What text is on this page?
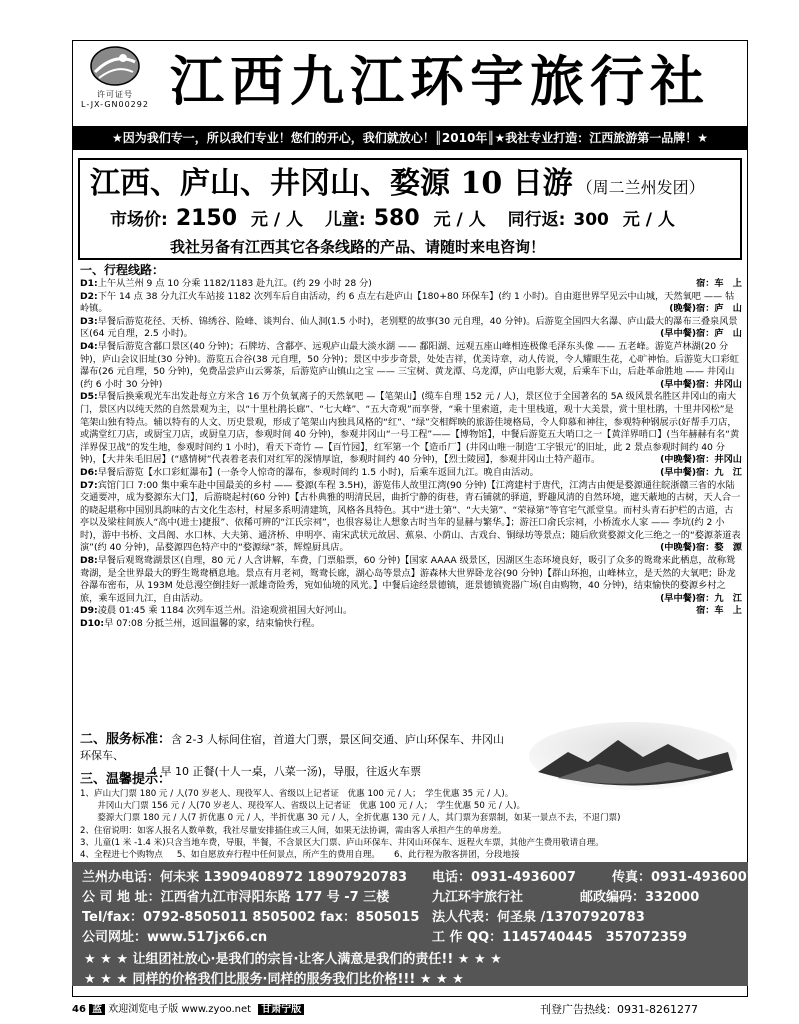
许可证号
L-JX-GN00292 江西九江环宇旅行社
★因为我们专一，所以我们专业！您们的开心，我们就放心！║2010年║★我社专业打造：江西旅游第一品牌！★
江西、庐山、井冈山、婺源 10 日游 （周二兰州发团）
市场价: 2150 元 / 人 儿童: 580 元 / 人 同行返: 300 元 / 人
我社另备有江西其它各条线路的产品、请随时来电咨询！
一、行程线路：

D1:上午从兰州 9 点 10 分乘 1182/1183 赴九江。(约 29 小时 28 分)	宿：车　上

D2:下午 14 点 38 分九江火车站接 1182 次列车后自由活动，约 6 点左右赴庐山【180+80 环保车】(约 1 小时)。自由逛世界罕见云中山城，天然氧吧 —— 牯岭镇。	(晚餐)宿：庐　山

D3:早餐后游览花径、天桥、锦绣谷、险峰、谈判台、仙人洞(1.5 小时)，老别墅的故事(30 元自理，40 分钟)。后游览全国四大名瀑、庐山最大的瀑布三叠泉风景区(64 元自理，2.5 小时)。	(早中餐)宿：庐　山

D4:早餐后游览含鄱口景区(40 分钟)；石牌坊、含鄱亭、远观庐山最大淡水湖 —— 鄱阳湖、远观五座山峰相连极像毛泽东头像 —— 五老峰。游览芦林湖(20 分钟)，庐山会议旧址(30 分钟)。游览五合谷(38 元自理，50 分钟)；景区中步步奇景，处处吉祥，优美诗章，动人传说，令人耀眼生花，心旷神怡。后游览大口彩虹瀑布(26 元自理，50 分钟)，免费品尝庐山云雾茶，后游览庐山镇山之宝 —— 三宝树、黄龙潭、乌龙潭，庐山电影大观，后乘车下山，后赴革命胜地 —— 井冈山(约 6 小时 30 分钟)	(早中餐)宿：井冈山

D5:早餐后换乘观光车出发赴每立方米含 16 万个负氧离子的天然氧吧 —【笔架山】(缆车自理 152 元 / 人)，景区位于全国著名的 5A 级风景名胜区井冈山的南大门，景区内以纯天然的自然景观为主，以“十里杜鹃长廊”、“七大峰”、“五大奇观”而享誉，“乘十里索道，走十里栈道，观十大美景，赏十里杜鹃，十里井冈松”是笔架山独有特点。辅以特有的人文、历史景观，形成了笔架山内独具风格的“红”、“绿”交相辉映的旅游佳境格局，令人仰慕和神往，参观特种钢展示(好帮手刀店，或满堂红刀店，或厨宝刀店，或厨皇刀店，参观时间 40 分钟)，参观井冈山“一号工程”——【博物馆】，中餐后游览五大哨口之一【黄洋界哨口】(当年赫赫有名“黄洋界保卫战”的发生地，参观时间约 1 小时)，看天下奇竹 —【百竹园】，红军第一个【造币厂】(井冈山唯一制造‘工字银元’的旧址，此 2 景点参观时间约 40 分钟)，【大井朱毛旧居】(“感情树”代表着老表们对红军的深情厚谊，参观时间约 40 分钟)，【烈士陵园】，参观井冈山土特产超市。	(中晚餐)宿：井冈山

D6:早餐后游览【水口彩虹瀑布】(一条令人惊奇的瀑布，参观时间约 1.5 小时)，后乘车返回九江。晚自由活动。	(早中餐)宿：九　江

D7:宾馆门口 7:00 集中乘车赴中国最美的乡村 —— 婺源(车程 3.5H)，游览伟人故里江湾(90 分钟)【江湾建村于唐代，江湾古由便是婺源通往皖浙赣三省的水陆交通要冲，成为婺源东大门】，后游晓起村(60 分钟)【古朴典雅的明清民居，曲折宁静的街巷，青石铺就的驿道，野趣风清的自然环境，遮天蔽地的古树，天人合一的晓起堪称中国别具韵味的古文化生态村，村屋多系明清建筑，风格各具特色。其中“进士第”、“大夫第”、“荣禄第”等官宅气派堂皇。而村头青石护栏的古道，古亭以及梁柱间族人“高中(进士)捷报”、依稀可辨的“江氏宗祠”，也很容易让人想象古时当年的显赫与繁华。】；游汪口俞氏宗祠，小桥流水人家 —— 李坑(约 2 小时)，游中书桥、文昌阁、水口林、大夫第、通济桥、申明亭、南宋武状元故居、蕉泉、小荫山、古戏台、铜绿坊等景点；随后欣赏婺源文化三绝之一的“婺源茶道表演”(约 40 分钟)，品婺源四色特产中的“婺源绿”茶，辉煌厨具店。	(中晚餐)宿：婺　源

D8:早餐后观鸳鸯湖景区(自理，80 元 / 人含讲解，车费，门票船票，60 分钟)【国家 AAAA 级景区，因湖区生态环境良好，吸引了众多的鸳鸯来此栖息，故称鸳鸯湖，是全世界最大的野生鸳鸯栖息地。景点有月老祠，鸳鸯长廊，湖心岛等景点】游森林大世界卧龙谷(90 分钟)【群山环抱，山峰林立，是天然的大氧吧；卧龙谷瀑布密布，从 193M 处总漫空倒挂好一派雄奇险秀，宛如仙境的风光。】中餐后途经景德镇，逛景德镇瓷器广场(自由购物，40 分钟)，结束愉快的婺源乡村之旅，乘车返回九江，自由活动。	(早中餐)宿：九　江

D9:凌晨 01:45 乘 1184 次列车返兰州。沿途观赏祖国大好河山。	宿：车　上

D10:早 07:08 分抵兰州，返回温馨的家，结束愉快行程。

二、服务标准：含 2-3 人标间住宿，首道大门票，景区间交通、庐山环保车、井冈山环保车、
4 早 10 正餐(十人一桌，八菜一汤)，导服，往返火车票
三、温馨提示：

1、庐山大门票 180 元 / 人(70 岁老人、现役军人、省级以上记者证　优惠 100 元 / 人；　学生优惠 35 元 / 人)。

　　井冈山大门票 156 元 / 人(70 岁老人、现役军人、省级以上记者证　优惠 100 元 / 人；　学生优惠 50 元 / 人)。

　　婺源大门票 180 元 / 人(7 折优惠 0 元 / 人，半折优惠 30 元 / 人，全折优惠 130 元 / 人，其门票为套票制，如某一景点不去，不退门票)

2、住宿说明：如客人报名人数单数，我社尽量安排插住或三人间，如果无法协调，需由客人承担产生的单房差。

3、儿童(1 米 -1.4 米)只含当地车费，导服，半餐，不含景区大门票、庐山环保车、井冈山环保车、返程火车票，其他产生费用敬请自理。

4、全程进七个购物点 5、如自愿放弃行程中任何景点，所产生的费用自理。 6、此行程为散客拼团，分段地接
兰州办电话：何未来 13909408972 18907920783 电话：0931-4936007	传真：0931-4936007
公 司 地 址：江西省九江市浔阳东路 177 号 -7 三楼	九江环宇旅行社	邮政编码：332000
Tel/fax：0792-8505011 8505002 fax：8505015 法人代表：何圣泉 /13707920783
公司网址：www.517jx66.cn	工 作 QQ：1145740445　357072359
★ ★ ★ 让组团社放心·是我们的宗旨·让客人满意是我们的责任!! ★ ★ ★
★ ★ ★ 同样的价格我们比服务·同样的服务我们比价格!!! ★ ★ ★
46 蓝 欢迎浏览电子版 www.zyoo.net 甘肃宁版	刊登广告热线：0931-8261277
